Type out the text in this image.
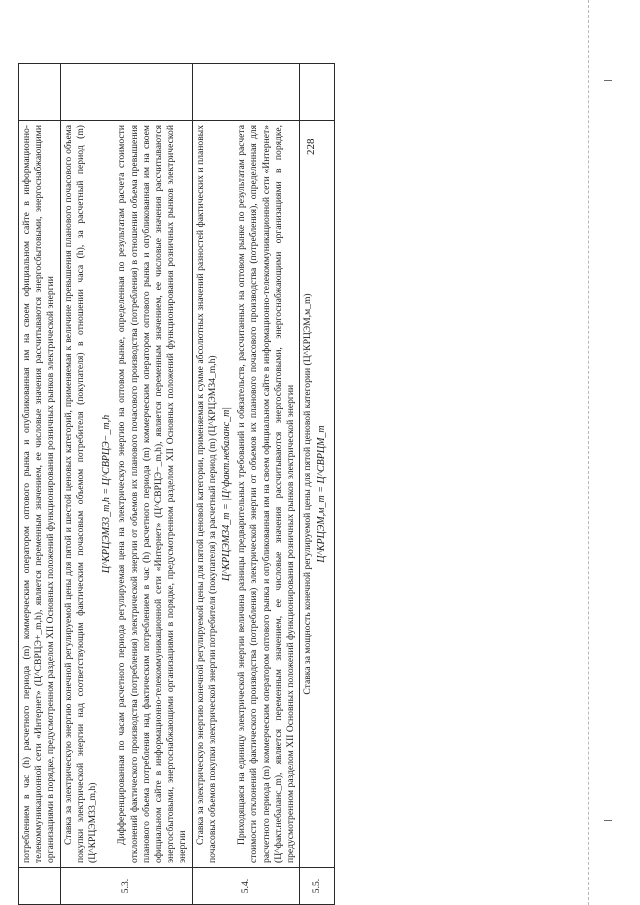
228

	потреблением в час (h) расчетного периода (m) коммерческим оператором оптового рынка и опубликованная им на своем официальном сайте в информационно-телекоммуникационной сети «Интернет» (Ц^СВРЦЭ+_m,h), является переменным значением, ее числовые значения рассчитываются энергосбытовыми, энергоснабжающими организациями в порядке, предусмотренном разделом XII Основных положений функционирования розничных рынков электрической энергии	

5.3.	Ставка за электрическую энергию конечной регулируемой цены для пятой и шестой ценовых категорий, применяемая к величине превышения планового почасового объема покупки электрической энергии над соответствующим фактическим почасовым объемом потребителя (покупателя) в отношении часа (h), за расчетный период (m) (Ц^КРЦЭМ33_m,h)
Ц^КРЦЭМ33_m,h = Ц^СВРЦЭ−_m,h Дифференцированная по часам расчетного периода регулируемая цена на электрическую энергию на оптовом рынке, определенная по результатам расчета стоимости отклонений фактического производства (потребления) электрической энергии от объемов их планового почасового производства (потребления) в отношении объема превышения планового объема потребления над фактическим потреблением в час (h) расчетного периода (m) коммерческим оператором оптового рынка и опубликованная им на своем официальном сайте в информационно-телекоммуникационной сети «Интернет» (Ц^СВРЦЭ−_m,h), является переменным значением, ее числовые значения рассчитываются энергосбытовыми, энергоснабжающими организациями в порядке, предусмотренном разделом XII Основных положений функционирования розничных рынков электрической энергии	

5.4.	Ставка за электрическую энергию конечной регулируемой цены для пятой ценовой категории, применяемая к сумме абсолютных значений разностей фактических и плановых почасовых объемов покупки электрической энергии потребителя (покупателя) за расчетный период (m) (Ц^КРЦЭМ34_m,h) Ц^КРЦЭМ34_m = |Ц^факт.небаланс_m| Приходящаяся на единицу электрической энергии величина разницы предварительных требований и обязательств, рассчитанных на оптовом рынке по результатам расчета стоимости отклонений фактического производства (потребления) электрической энергии от объемов их планового почасового производства (потребления), определенная для расчетного периода (m) коммерческим оператором оптового рынка и опубликованная им на своем официальном сайте в информационно-телекоммуникационной сети «Интернет» (Ц^факт.небаланс_m), является переменным значением, ее числовые значения рассчитываются энергосбытовыми, энергоснабжающими организациями в порядке, предусмотренном разделом XII Основных положений функционирования розничных рынков электрической энергии	

5.5.	Ставка за мощность конечной регулируемой цены для пятой ценовой категории (Ц^КРЦЭМ,м_m) Ц^КРЦЭМ,м_m = Ц^СВРЦМ_m	
